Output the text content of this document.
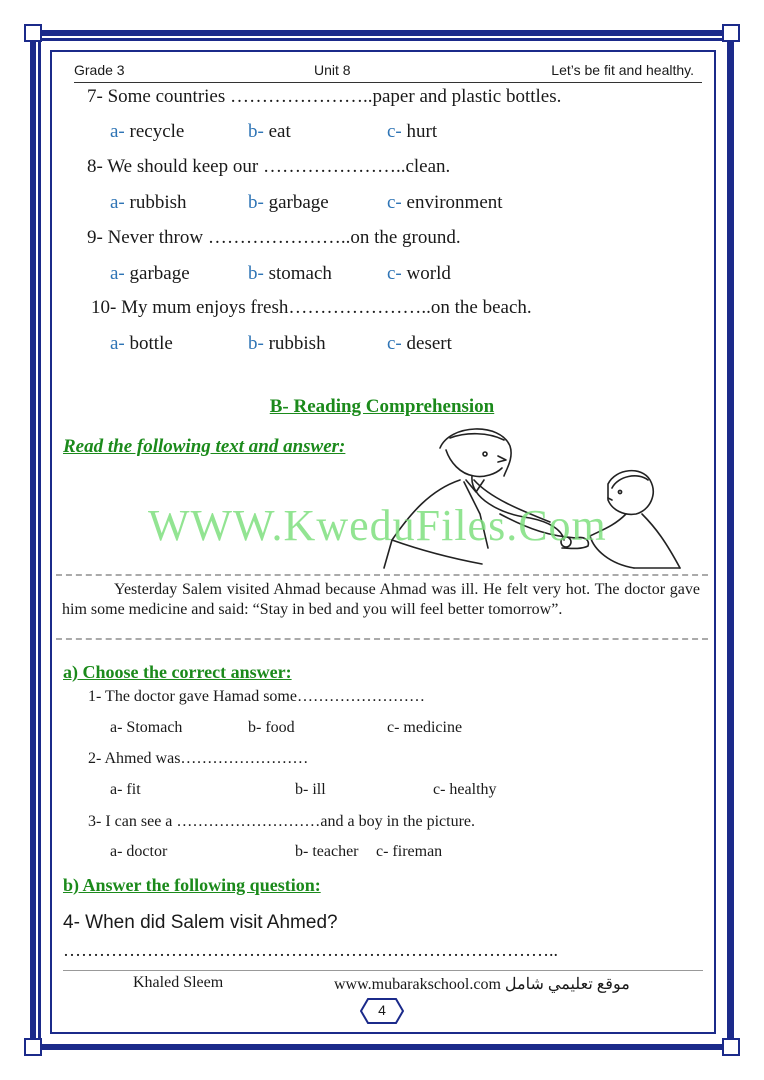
Grade 3	Unit 8	Let’s be fit and healthy.
7- Some countries …………………..paper and plastic bottles.
a- recycle	b- eat	c- hurt
8- We should keep our …………………..clean.
a- rubbish	b- garbage	c- environment
9- Never throw …………………..on the ground.
a- garbage	b- stomach	c- world
10- My mum enjoys fresh…………………..on the beach.
a- bottle	b- rubbish	c- desert
B- Reading Comprehension
Read the following text and answer:
WWW.KweduFiles.Com
Yesterday Salem visited Ahmad because Ahmad was ill. He felt very hot. The doctor gave him some medicine and said: “Stay in bed and you will feel better tomorrow”.
a) Choose the correct answer:
1- The doctor gave Hamad some……………………
a- Stomach	b- food	c- medicine
2- Ahmed was……………………
a- fit	b- ill	c- healthy
3- I can see a ………………………and a boy in the picture.
a- doctor	b- teacher c- fireman
b) Answer the following question:
4- When did Salem visit Ahmed?
………………………………………………………………………..
Khaled Sleem	www.mubarakschool.com موقع تعليمي شامل
4
